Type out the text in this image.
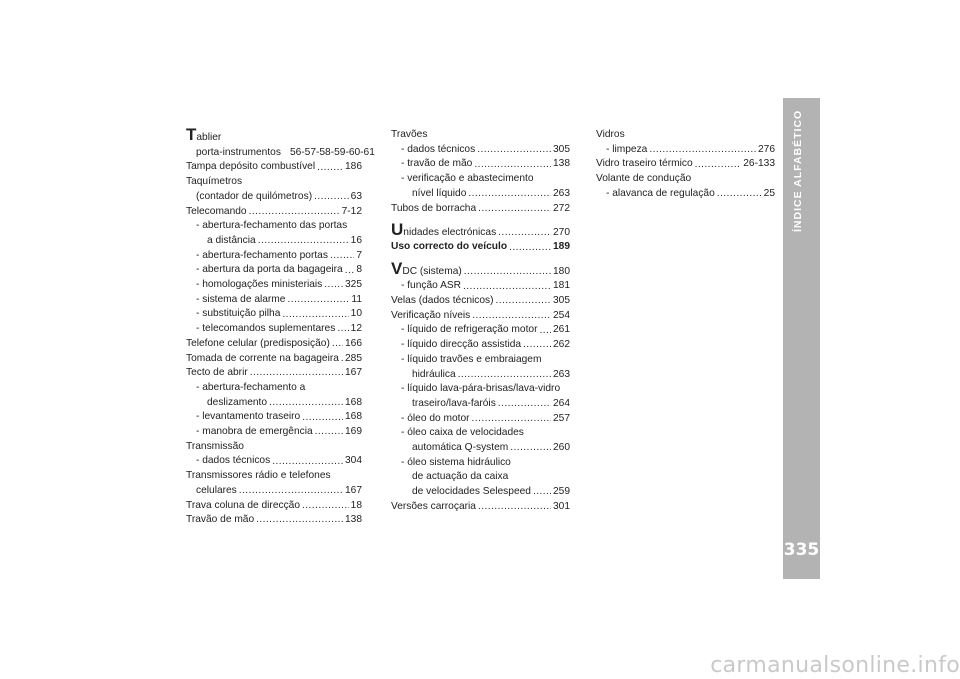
Tablier
porta-instrumentos 56-57-58-59-60-61
Tampa depósito combustível . . .	186
Taquímetros
(contador de quilómetros) . . .	63
Telecomando . . .	7-12
- abertura-fechamento das portas
a distância . . .	16
- abertura-fechamento portas . . .	7
- abertura da porta da bagageira . . . 8
- homologações ministeriais . . . 325
- sistema de alarme . . .	11
- substituição pilha . . .	10
- telecomandos suplementares . . . 12
Telefone celular (predisposição) . . . 166
Tomada de corrente na bagageira . . . 285
Tecto de abrir . . .	167
- abertura-fechamento a
deslizamento . . .	168
- levantamento traseiro . . .	168
- manobra de emergência . . .	169
Transmissão
- dados técnicos . . .	304
Transmissores rádio e telefones
celulares . . .	167
Trava coluna de direcção . . .	18
Travão de mão . . .	138
Travões
- dados técnicos . . .	305
- travão de mão . . .	138
- verificação e abastecimento
nível líquido . . .	263
Tubos de borracha . . .	272
Unidades electrónicas . . .	270
Uso correcto do veículo . . .	189
VDC (sistema) . . .	180
- função ASR . . .	181
Velas (dados técnicos) . . .	305
Verificação níveis . . .	254
- líquido de refrigeração motor . . . 261
- líquido direcção assistida . . .	262
- líquido travões e embraiagem
hidráulica . . .	263
- líquido lava-pára-brisas/lava-vidro
traseiro/lava-faróis . . .	264
- óleo do motor . . .	257
- óleo caixa de velocidades
automática Q-system . . .	260
- óleo sistema hidráulico
de actuação da caixa
de velocidades Selespeed . . . 259
Versões carroçaria . . .	301
Vidros
- limpeza . . .	276
Vidro traseiro térmico . . .	26-133
Volante de condução
- alavanca de regulação . . .	25 ÍNDICE ALFABÉTICO
335
carmanualsonline.info
